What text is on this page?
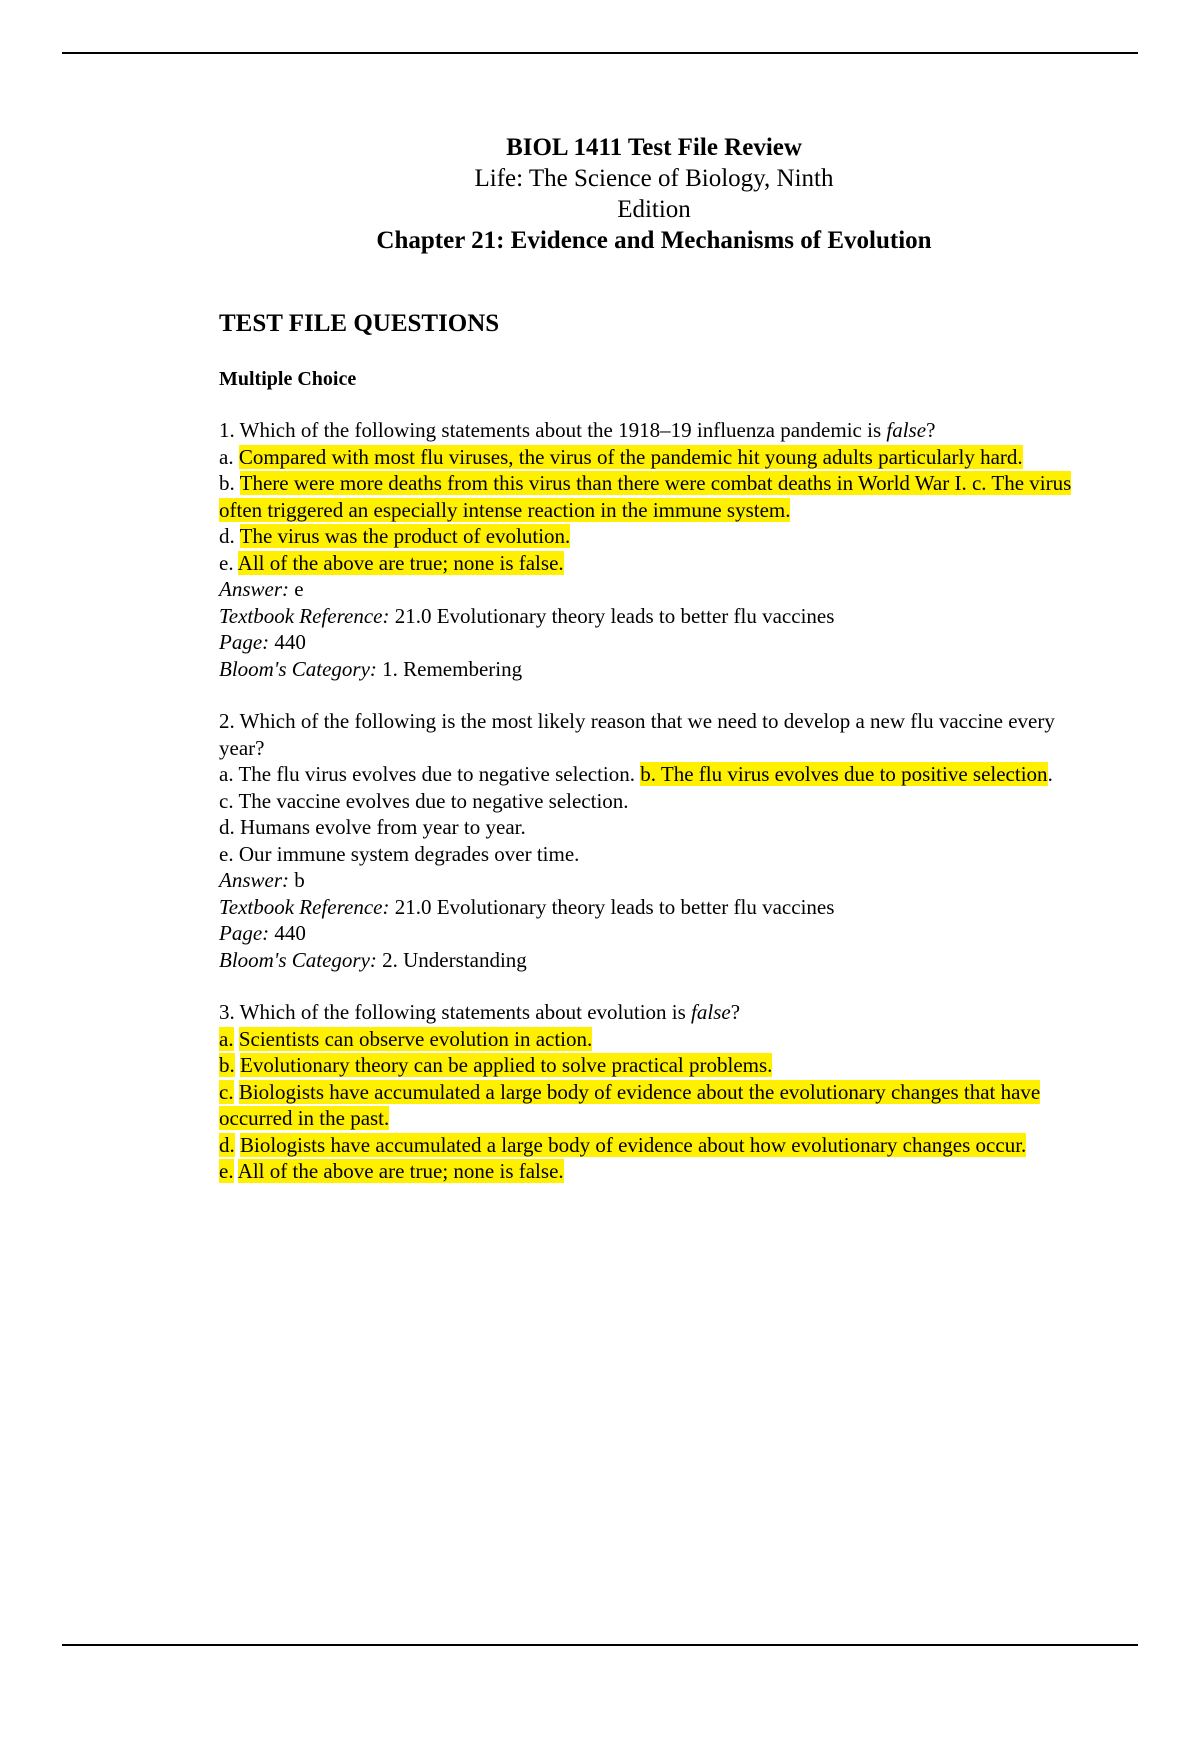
BIOL 1411 Test File Review
Life: The Science of Biology, Ninth
Edition
Chapter 21: Evidence and Mechanisms of Evolution
TEST FILE QUESTIONS
Multiple Choice

1. Which of the following statements about the 1918–19 influenza pandemic is false?

a. Compared with most flu viruses, the virus of the pandemic hit young adults particularly hard.

b. There were more deaths from this virus than there were combat deaths in World War I. c. The virus often triggered an especially intense reaction in the immune system.

d. The virus was the product of evolution.

e. All of the above are true; none is false.

Answer: e

Textbook Reference: 21.0 Evolutionary theory leads to better flu vaccines

Page: 440

Bloom's Category: 1. Remembering

2. Which of the following is the most likely reason that we need to develop a new flu vaccine every year?

a. The flu virus evolves due to negative selection. b. The flu virus evolves due to positive selection.

c. The vaccine evolves due to negative selection.

d. Humans evolve from year to year.

e. Our immune system degrades over time.

Answer: b

Textbook Reference: 21.0 Evolutionary theory leads to better flu vaccines

Page: 440

Bloom's Category: 2. Understanding

3. Which of the following statements about evolution is false?

a. Scientists can observe evolution in action.

b. Evolutionary theory can be applied to solve practical problems.

c. Biologists have accumulated a large body of evidence about the evolutionary changes that have occurred in the past.

d. Biologists have accumulated a large body of evidence about how evolutionary changes occur.

e. All of the above are true; none is false.
